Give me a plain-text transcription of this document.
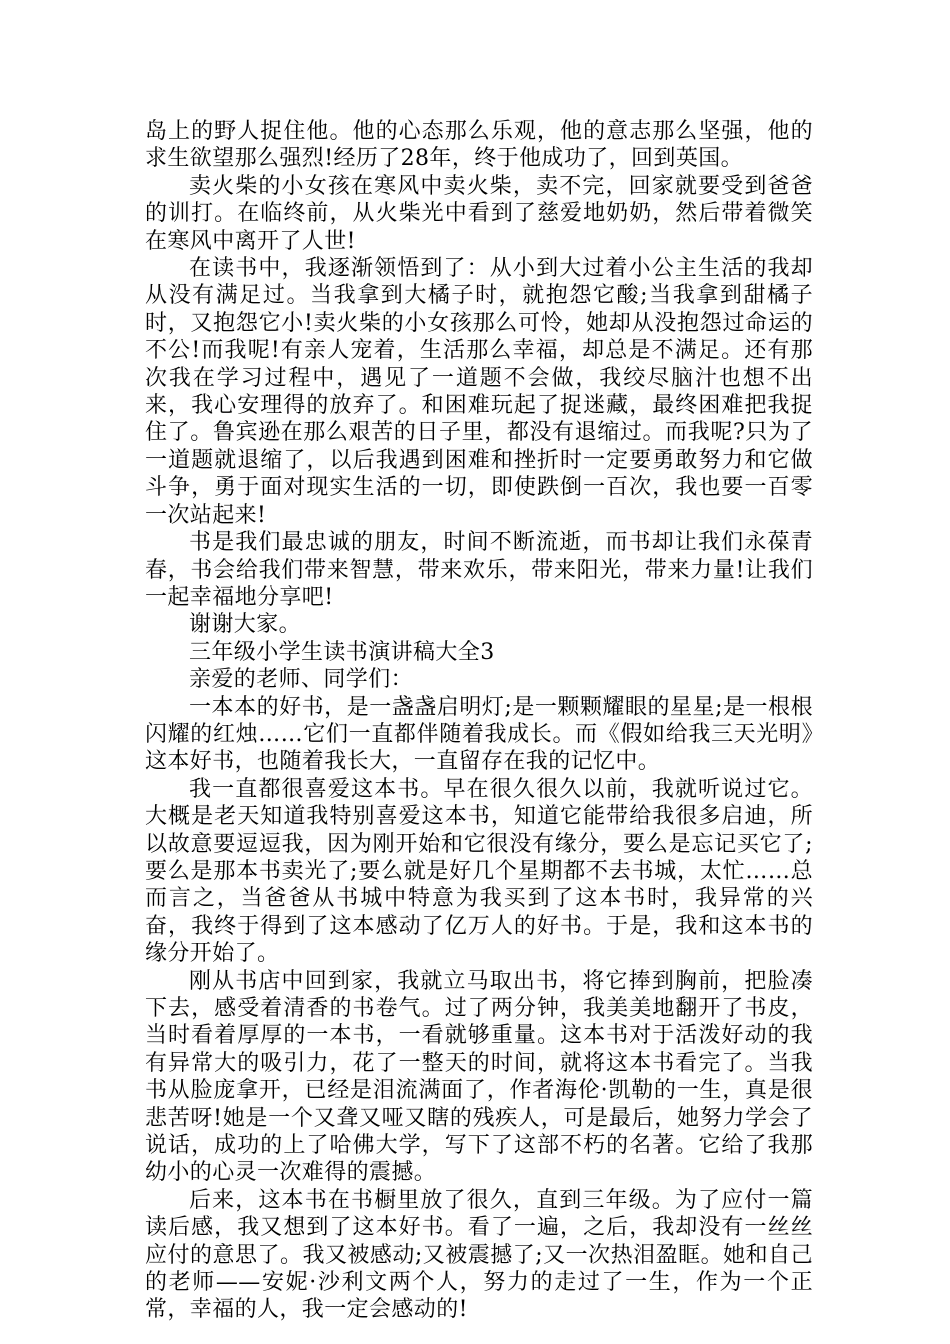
岛上的野人捉住他。他的心态那么乐观，他的意志那么坚强，他的求生欲望那么强烈!经历了28年，终于他成功了，回到英国。

卖火柴的小女孩在寒风中卖火柴，卖不完，回家就要受到爸爸的训打。在临终前，从火柴光中看到了慈爱地奶奶，然后带着微笑在寒风中离开了人世!

在读书中，我逐渐领悟到了：从小到大过着小公主生活的我却从没有满足过。当我拿到大橘子时，就抱怨它酸;当我拿到甜橘子时，又抱怨它小!卖火柴的小女孩那么可怜，她却从没抱怨过命运的不公!而我呢!有亲人宠着，生活那么幸福，却总是不满足。还有那次我在学习过程中，遇见了一道题不会做，我绞尽脑汁也想不出来，我心安理得的放弃了。和困难玩起了捉迷藏，最终困难把我捉住了。鲁宾逊在那么艰苦的日子里，都没有退缩过。而我呢?只为了一道题就退缩了，以后我遇到困难和挫折时一定要勇敢努力和它做斗争，勇于面对现实生活的一切，即使跌倒一百次，我也要一百零一次站起来!

书是我们最忠诚的朋友，时间不断流逝，而书却让我们永葆青春，书会给我们带来智慧，带来欢乐，带来阳光，带来力量!让我们一起幸福地分享吧!

谢谢大家。

三年级小学生读书演讲稿大全3

亲爱的老师、同学们：

一本本的好书，是一盏盏启明灯;是一颗颗耀眼的星星;是一根根闪耀的红烛……它们一直都伴随着我成长。而《假如给我三天光明》这本好书，也随着我长大，一直留存在我的记忆中。

我一直都很喜爱这本书。早在很久很久以前，我就听说过它。大概是老天知道我特别喜爱这本书，知道它能带给我很多启迪，所以故意要逗逗我，因为刚开始和它很没有缘分，要么是忘记买它了;要么是那本书卖光了;要么就是好几个星期都不去书城，太忙……总而言之，当爸爸从书城中特意为我买到了这本书时，我异常的兴奋，我终于得到了这本感动了亿万人的好书。于是，我和这本书的缘分开始了。

刚从书店中回到家，我就立马取出书，将它捧到胸前，把脸凑下去，感受着清香的书卷气。过了两分钟，我美美地翻开了书皮，当时看着厚厚的一本书，一看就够重量。这本书对于活泼好动的我有异常大的吸引力，花了一整天的时间，就将这本书看完了。当我书从脸庞拿开，已经是泪流满面了，作者海伦·凯勒的一生，真是很悲苦呀!她是一个又聋又哑又瞎的残疾人，可是最后，她努力学会了说话，成功的上了哈佛大学，写下了这部不朽的名著。它给了我那幼小的心灵一次难得的震撼。

后来，这本书在书橱里放了很久，直到三年级。为了应付一篇读后感，我又想到了这本好书。看了一遍，之后，我却没有一丝丝应付的意思了。我又被感动;又被震撼了;又一次热泪盈眶。她和自己的老师——安妮·沙利文两个人，努力的走过了一生，作为一个正常，幸福的人，我一定会感动的!
